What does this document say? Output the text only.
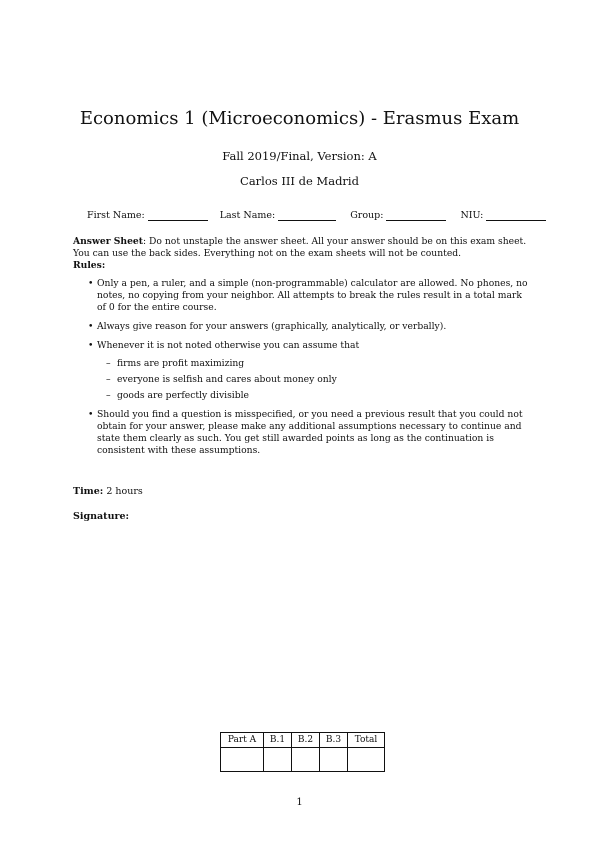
Economics 1 (Microeconomics) - Erasmus Exam
Fall 2019/Final, Version: A
Carlos III de Madrid
First Name:	Last Name:	Group:	NIU:

Answer Sheet: Do not unstaple the answer sheet. All your answer should be on this exam sheet. You can use the back sides. Everything not on the exam sheets will not be counted.

Rules:

• Only a pen, a ruler, and a simple (non-programmable) calculator are allowed. No phones, no notes, no copying from your neighbor. All attempts to break the rules result in a total mark of 0 for the entire course.
• Always give reason for your answers (graphically, analytically, or verbally).
• Whenever it is not noted otherwise you can assume that
– firms are profit maximizing
– everyone is selfish and cares about money only
– goods are perfectly divisible
• Should you find a question is misspecified, or you need a previous result that you could not obtain for your answer, please make any additional assumptions necessary to continue and state them clearly as such. You get still awarded points as long as the continuation is consistent with these assumptions.
Time: 2 hours
Signature:
Part A	B.1	B.2	B.3	Total

1
